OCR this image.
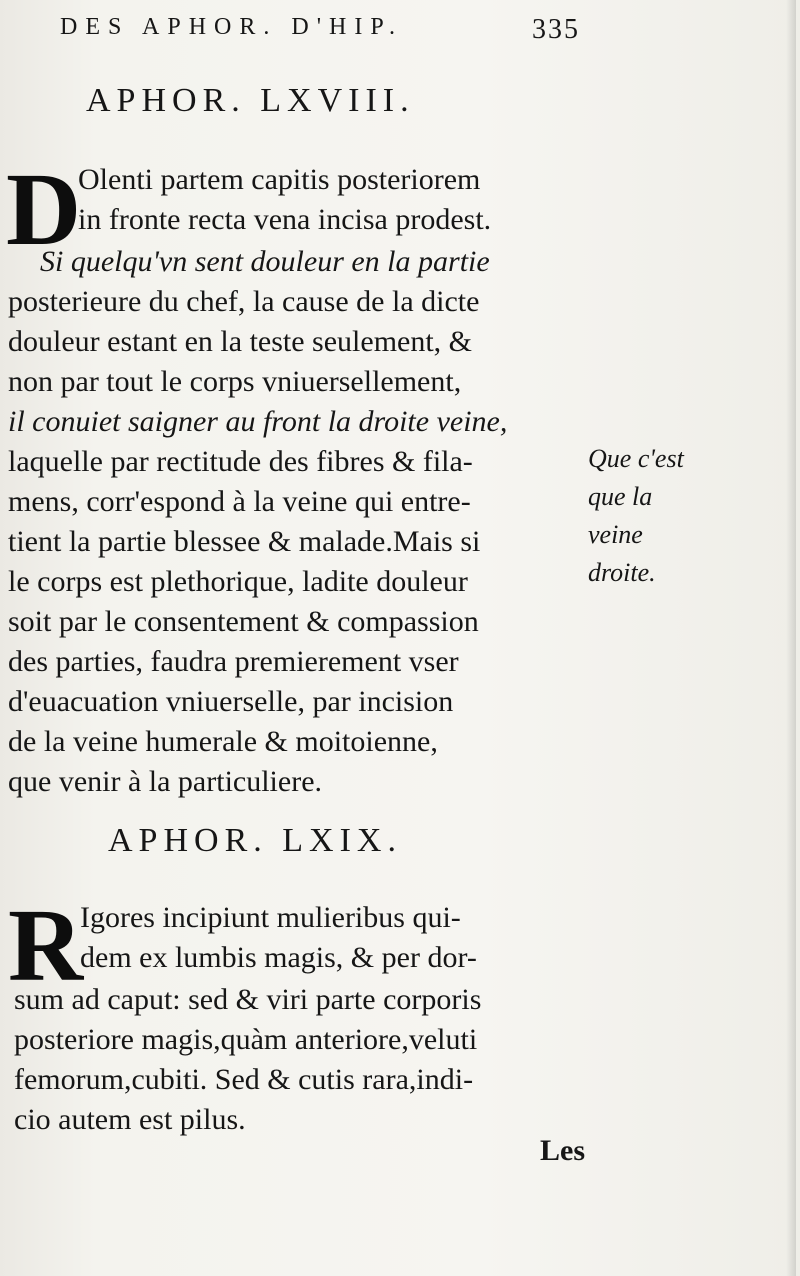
DES APHOR. D'HIP.	335
APHOR. LXVIII.
D
Olenti partem capitis posteriorem
in fronte recta vena incisa prodest.
Si quelqu'vn sent douleur en la partie
posterieure du chef, la cause de la dicte
douleur estant en la teste seulement, &
non par tout le corps vniuersellement,
il conuiet saigner au front la droite veine,
laquelle par rectitude des fibres & fila-
mens, corr'espond à la veine qui entre-
tient la partie blessee & malade.Mais si
le corps est plethorique, ladite douleur
soit par le consentement & compassion
des parties, faudra premierement vser
d'euacuation vniuerselle, par incision
de la veine humerale & moitoienne,
que venir à la particuliere.
Que c'est
que la
veine
droite.
APHOR. LXIX.
R
Igores incipiunt mulieribus qui-
dem ex lumbis magis, & per dor-
sum ad caput: sed & viri parte corporis
posteriore magis,quàm anteriore,veluti
femorum,cubiti. Sed & cutis rara,indi-
cio autem est pilus.
Les
